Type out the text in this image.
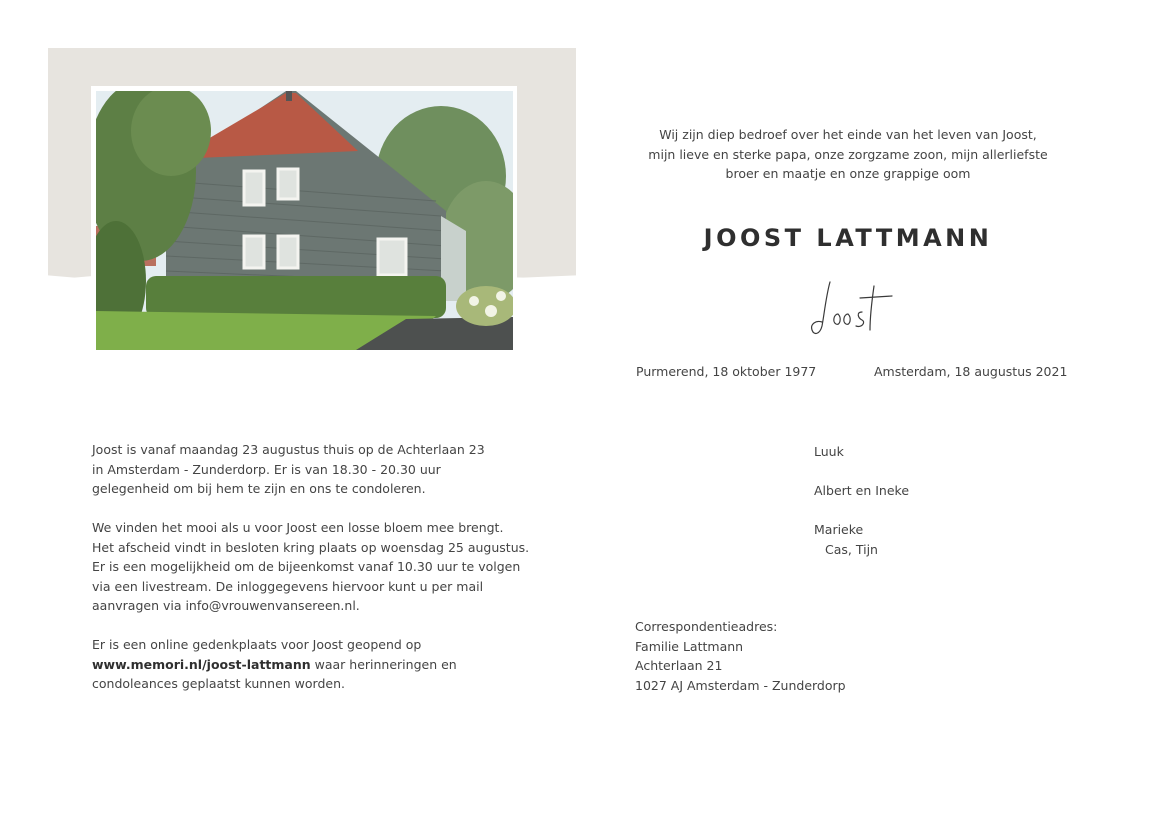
Wij zijn diep bedroef over het einde van het leven van Joost,
mijn lieve en sterke papa, onze zorgzame zoon, mijn allerliefste
broer en maatje en onze grappige oom
JOOST LATTMANN
Purmerend, 18 oktober 1977	Amsterdam, 18 augustus 2021
Joost is vanaf maandag 23 augustus thuis op de Achterlaan 23
in Amsterdam - Zunderdorp. Er is van 18.30 - 20.30 uur
gelegenheid om bij hem te zijn en ons te condoleren.
We vinden het mooi als u voor Joost een losse bloem mee brengt.
Het afscheid vindt in besloten kring plaats op woensdag 25 augustus.
Er is een mogelijkheid om de bijeenkomst vanaf 10.30 uur te volgen
via een livestream. De inloggegevens hiervoor kunt u per mail
aanvragen via info@vrouwenvansereen.nl.
Er is een online gedenkplaats voor Joost geopend op
www.memori.nl/joost-lattmann waar herinneringen en
condoleances geplaatst kunnen worden.
Luuk
Albert en Ineke
Marieke
Cas, Tijn
Correspondentieadres:
Familie Lattmann
Achterlaan 21
1027 AJ Amsterdam - Zunderdorp
